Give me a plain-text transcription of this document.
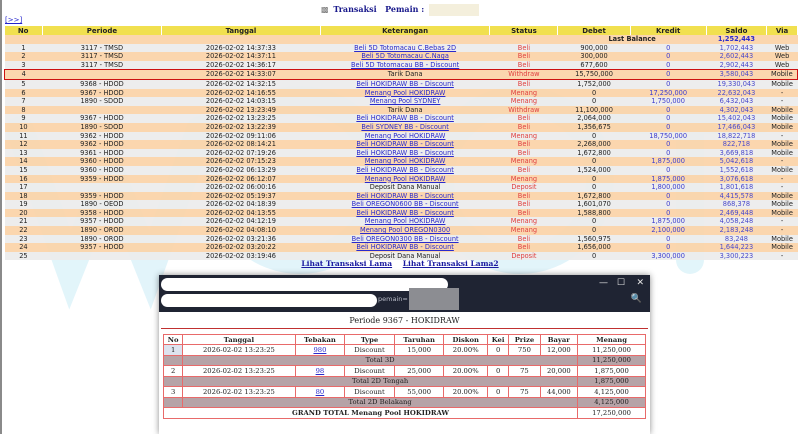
▩ Transaksi Pemain :
[>>]
No	Periode	Tanggal	Keterangan	Status	Debet	Kredit	Saldo	Via
					Last Balance		1,252,443	
1	3117 - TMSD	2026-02-02 14:37:33	Beli 5D Totomacau C.Bebas 2D	Beli	900,000	0	1,702,443	Web
2	3117 - TMSD	2026-02-02 14:37:11	Beli 5D Totomacau C.Naga	Beli	300,000	0	2,602,443	Web
3	3117 - TMSD	2026-02-02 14:36:17	Beli 5D Totomacau BB - Discount	Beli	677,600	0	2,902,443	Web
4		2026-02-02 14:33:07	Tarik Dana	Withdraw	15,750,000	0	3,580,043	Mobile
5	9368 - HDOD	2026-02-02 14:32:15	Beli HOKIDRAW BB - Discount	Beli	1,752,000	0	19,330,043	Mobile
6	9367 - HDOD	2026-02-02 14:16:55	Menang Pool HOKIDRAW	Menang	0	17,250,000	22,632,043	-
7	1890 - SDOD	2026-02-02 14:03:15	Menang Pool SYDNEY	Menang	0	1,750,000	6,432,043	-
8		2026-02-02 13:23:49	Tarik Dana	Withdraw	11,100,000	0	4,302,043	Mobile
9	9367 - HDOD	2026-02-02 13:23:25	Beli HOKIDRAW BB - Discount	Beli	2,064,000	0	15,402,043	Mobile
10	1890 - SDOD	2026-02-02 13:22:39	Beli SYDNEY BB - Discount	Beli	1,356,675	0	17,466,043	Mobile
11	9362 - HDOD	2026-02-02 09:11:06	Menang Pool HOKIDRAW	Menang	0	18,750,000	18,822,718	-
12	9362 - HDOD	2026-02-02 08:14:21	Beli HOKIDRAW BB - Discount	Beli	2,268,000	0	822,718	Mobile
13	9361 - HDOD	2026-02-02 07:19:26	Beli HOKIDRAW BB - Discount	Beli	1,672,800	0	3,669,818	Mobile
14	9360 - HDOD	2026-02-02 07:15:23	Menang Pool HOKIDRAW	Menang	0	1,875,000	5,042,618	-
15	9360 - HDOD	2026-02-02 06:13:29	Beli HOKIDRAW BB - Discount	Beli	1,524,000	0	1,552,618	Mobile
16	9359 - HDOD	2026-02-02 06:12:07	Menang Pool HOKIDRAW	Menang	0	1,875,000	3,076,618	-
17		2026-02-02 06:00:16	Deposit Dana Manual	Deposit	0	1,800,000	1,801,618	-
18	9359 - HDOD	2026-02-02 05:19:37	Beli HOKIDRAW BB - Discount	Beli	1,672,800	0	4,415,578	Mobile
19	1890 - OEOD	2026-02-02 04:18:39	Beli OREGON0600 BB - Discount	Beli	1,601,070	0	868,378	Mobile
20	9358 - HDOD	2026-02-02 04:13:55	Beli HOKIDRAW BB - Discount	Beli	1,588,800	0	2,469,448	Mobile
21	9357 - HDOD	2026-02-02 04:12:19	Menang Pool HOKIDRAW	Menang	0	1,875,000	4,058,248	-
22	1890 - OROD	2026-02-02 04:08:10	Menang Pool OREGON0300	Menang	0	2,100,000	2,183,248	-
23	1890 - OROD	2026-02-02 03:21:36	Beli OREGON0300 BB - Discount	Beli	1,560,975	0	83,248	Mobile
24	9357 - HDOD	2026-02-02 03:20:22	Beli HOKIDRAW BB - Discount	Beli	1,656,000	0	1,644,223	Mobile
25		2026-02-02 03:19:46	Deposit Dana Manual	Deposit	0	3,300,000	3,300,223	-
Lihat Transaksi Lama Lihat Transaksi Lama2
pemain=
— ☐ ✕
🔍
Periode 9367 - HOKIDRAW
No	Tanggal	Tebakan	Type	Taruhan	Diskon	Kei	Prize	Bayar	Menang
1	2026-02-02 13:23:25	980	Discount	15,000	20.00%	0	750	12,000	11,250,000
	Total 3D								11,250,000
2	2026-02-02 13:23:25	98	Discount	25,000	20.00%	0	75	20,000	1,875,000
	Total 2D Tengah								1,875,000
3	2026-02-02 13:23:25	80	Discount	55,000	20.00%	0	75	44,000	4,125,000
	Total 2D Belakang								4,125,000
GRAND TOTAL Menang Pool HOKIDRAW									17,250,000
